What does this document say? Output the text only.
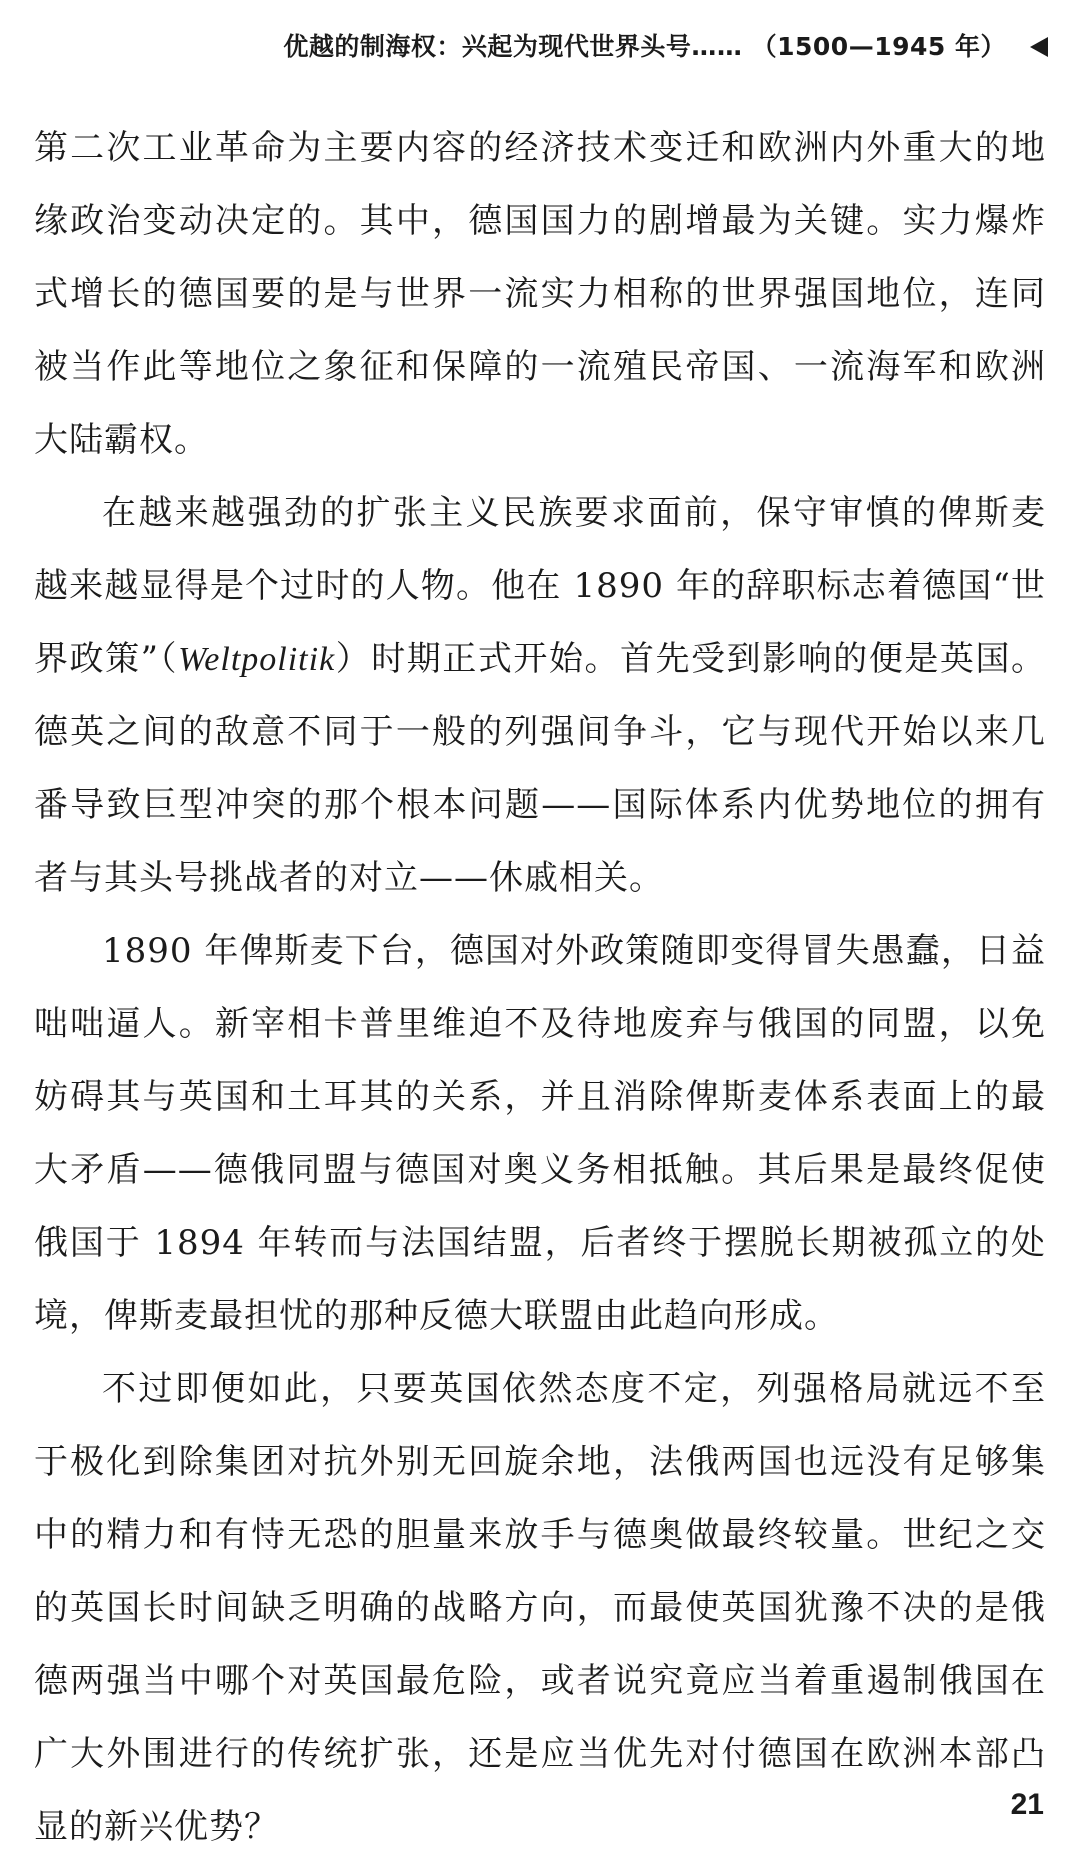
优越的制海权：兴起为现代世界头号…… （1500—1945 年）

第二次工业革命为主要内容的经济技术变迁和欧洲内外重大的地缘政治变动决定的。其中，德国国力的剧增最为关键。实力爆炸式增长的德国要的是与世界一流实力相称的世界强国地位，连同被当作此等地位之象征和保障的一流殖民帝国、一流海军和欧洲大陆霸权。

在越来越强劲的扩张主义民族要求面前，保守审慎的俾斯麦越来越显得是个过时的人物。他在 1890 年的辞职标志着德国“世界政策”（Weltpolitik）时期正式开始。首先受到影响的便是英国。德英之间的敌意不同于一般的列强间争斗，它与现代开始以来几番导致巨型冲突的那个根本问题——国际体系内优势地位的拥有者与其头号挑战者的对立——休戚相关。

1890 年俾斯麦下台，德国对外政策随即变得冒失愚蠢，日益咄咄逼人。新宰相卡普里维迫不及待地废弃与俄国的同盟，以免妨碍其与英国和土耳其的关系，并且消除俾斯麦体系表面上的最大矛盾——德俄同盟与德国对奥义务相抵触。其后果是最终促使俄国于 1894 年转而与法国结盟，后者终于摆脱长期被孤立的处境，俾斯麦最担忧的那种反德大联盟由此趋向形成。

不过即便如此，只要英国依然态度不定，列强格局就远不至于极化到除集团对抗外别无回旋余地，法俄两国也远没有足够集中的精力和有恃无恐的胆量来放手与德奥做最终较量。世纪之交的英国长时间缺乏明确的战略方向，而最使英国犹豫不决的是俄德两强当中哪个对英国最危险，或者说究竟应当着重遏制俄国在广大外围进行的传统扩张，还是应当优先对付德国在欧洲本部凸显的新兴优势？

21
